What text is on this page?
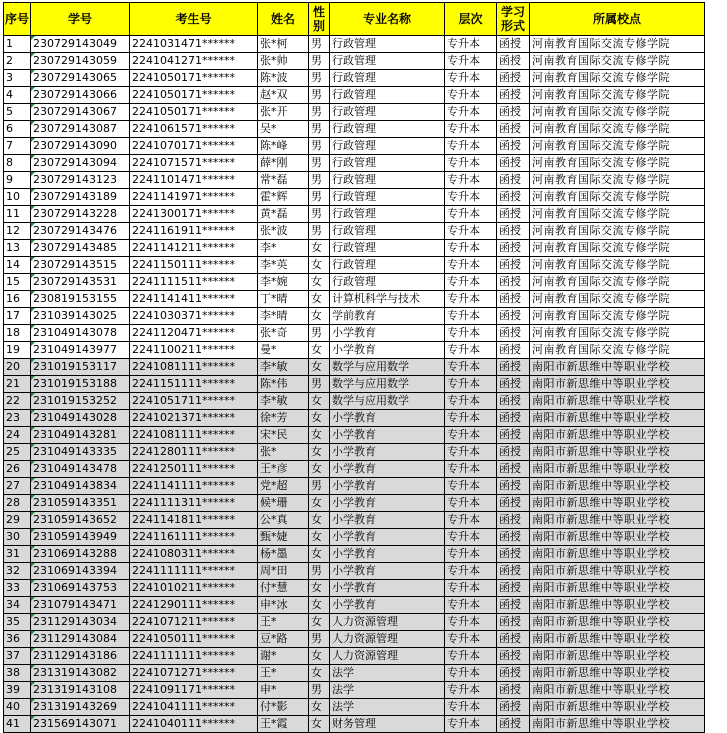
序号	学号	考生号	姓名	性别	专业名称	层次	学习形式	所属校点
1	230729143049	2241031471******	张*柯	男	行政管理	专升本	函授	河南教育国际交流专修学院
2	230729143059	2241041271******	张*帅	男	行政管理	专升本	函授	河南教育国际交流专修学院
3	230729143065	2241050171******	陈*波	男	行政管理	专升本	函授	河南教育国际交流专修学院
4	230729143066	2241050171******	赵*双	男	行政管理	专升本	函授	河南教育国际交流专修学院
5	230729143067	2241050171******	张*开	男	行政管理	专升本	函授	河南教育国际交流专修学院
6	230729143087	2241061571******	吴*	男	行政管理	专升本	函授	河南教育国际交流专修学院
7	230729143090	2241070171******	陈*峰	男	行政管理	专升本	函授	河南教育国际交流专修学院
8	230729143094	2241071571******	薛*刚	男	行政管理	专升本	函授	河南教育国际交流专修学院
9	230729143123	2241101471******	常*磊	男	行政管理	专升本	函授	河南教育国际交流专修学院
10	230729143189	2241141971******	霍*辉	男	行政管理	专升本	函授	河南教育国际交流专修学院
11	230729143228	2241300171******	黄*磊	男	行政管理	专升本	函授	河南教育国际交流专修学院
12	230729143476	2241161911******	张*波	男	行政管理	专升本	函授	河南教育国际交流专修学院
13	230729143485	2241141211******	李*	女	行政管理	专升本	函授	河南教育国际交流专修学院
14	230729143515	2241150111******	李*英	女	行政管理	专升本	函授	河南教育国际交流专修学院
15	230729143531	2241111511******	李*婉	女	行政管理	专升本	函授	河南教育国际交流专修学院
16	230819153155	2241141411******	丁*晴	女	计算机科学与技术	专升本	函授	河南教育国际交流专修学院
17	231039143025	2241030371******	李*晴	女	学前教育	专升本	函授	河南教育国际交流专修学院
18	231049143078	2241120471******	张*奇	男	小学教育	专升本	函授	河南教育国际交流专修学院
19	231049143977	2241100211******	曼*	女	小学教育	专升本	函授	河南教育国际交流专修学院
20	231019153117	2241081111******	李*敏	女	数学与应用数学	专升本	函授	南阳市新思维中等职业学校
21	231019153188	2241151111******	陈*伟	男	数学与应用数学	专升本	函授	南阳市新思维中等职业学校
22	231019153252	2241051711******	李*敏	女	数学与应用数学	专升本	函授	南阳市新思维中等职业学校
23	231049143028	2241021371******	徐*芳	女	小学教育	专升本	函授	南阳市新思维中等职业学校
24	231049143281	2241081111******	宋*民	女	小学教育	专升本	函授	南阳市新思维中等职业学校
25	231049143335	2241280111******	张*	女	小学教育	专升本	函授	南阳市新思维中等职业学校
26	231049143478	2241250111******	王*彦	女	小学教育	专升本	函授	南阳市新思维中等职业学校
27	231049143834	2241141111******	党*超	男	小学教育	专升本	函授	南阳市新思维中等职业学校
28	231059143351	2241111311******	候*珊	女	小学教育	专升本	函授	南阳市新思维中等职业学校
29	231059143652	2241141811******	公*真	女	小学教育	专升本	函授	南阳市新思维中等职业学校
30	231059143949	2241161111******	甄*婕	女	小学教育	专升本	函授	南阳市新思维中等职业学校
31	231069143288	2241080311******	杨*墨	女	小学教育	专升本	函授	南阳市新思维中等职业学校
32	231069143394	2241111111******	周*田	男	小学教育	专升本	函授	南阳市新思维中等职业学校
33	231069143753	2241010211******	付*慧	女	小学教育	专升本	函授	南阳市新思维中等职业学校
34	231079143471	2241290111******	申*冰	女	小学教育	专升本	函授	南阳市新思维中等职业学校
35	231129143034	2241071211******	王*	女	人力资源管理	专升本	函授	南阳市新思维中等职业学校
36	231129143084	2241050111******	豆*路	男	人力资源管理	专升本	函授	南阳市新思维中等职业学校
37	231129143186	2241111111******	谢*	女	人力资源管理	专升本	函授	南阳市新思维中等职业学校
38	231319143082	2241071271******	王*	女	法学	专升本	函授	南阳市新思维中等职业学校
39	231319143108	2241091171******	申*	男	法学	专升本	函授	南阳市新思维中等职业学校
40	231319143269	2241041111******	付*影	女	法学	专升本	函授	南阳市新思维中等职业学校
41	231569143071	2241040111******	王*霞	女	财务管理	专升本	函授	南阳市新思维中等职业学校
